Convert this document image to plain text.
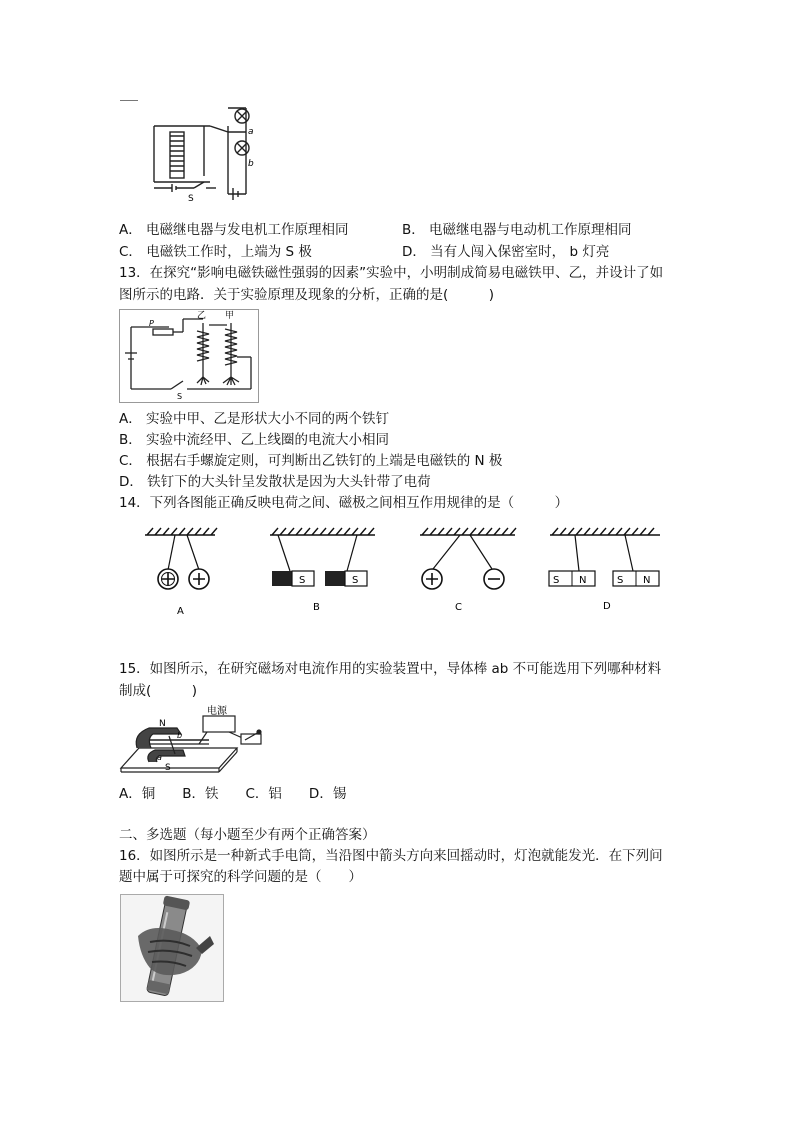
a
b
S
A． 电磁继电器与发电机工作原理相同	B． 电磁继电器与电动机工作原理相同
C． 电磁铁工作时，上端为 S 极	D． 当有人闯入保密室时， b 灯亮
13．在探究“影响电磁铁磁性强弱的因素”实验中，小明制成简易电磁铁甲、乙，并设计了如
图所示的电路．关于实验原理及现象的分析，正确的是(　　　)
P
乙 甲
S
A． 实验中甲、乙是形状大小不同的两个铁钉
B． 实验中流经甲、乙上线圈的电流大小相同
C． 根据右手螺旋定则，可判断出乙铁钉的上端是电磁铁的 N 极
D． 铁钉下的大头针呈发散状是因为大头针带了电荷
14．下列各图能正确反映电荷之间、磁极之间相互作用规律的是（　　　）
A
S	S
B	C
S N	S N
D
15．如图所示，在研究磁场对电流作用的实验装置中，导体棒 ab 不可能选用下列哪种材料
制成(　　　)
电源
N
S
b
a
A．铜　　B．铁　　C．铝　　D．锡
二、多选题（每小题至少有两个正确答案）
16．如图所示是一种新式手电筒，当沿图中箭头方向来回摇动时，灯泡就能发光．在下列问
题中属于可探究的科学问题的是（　　）
